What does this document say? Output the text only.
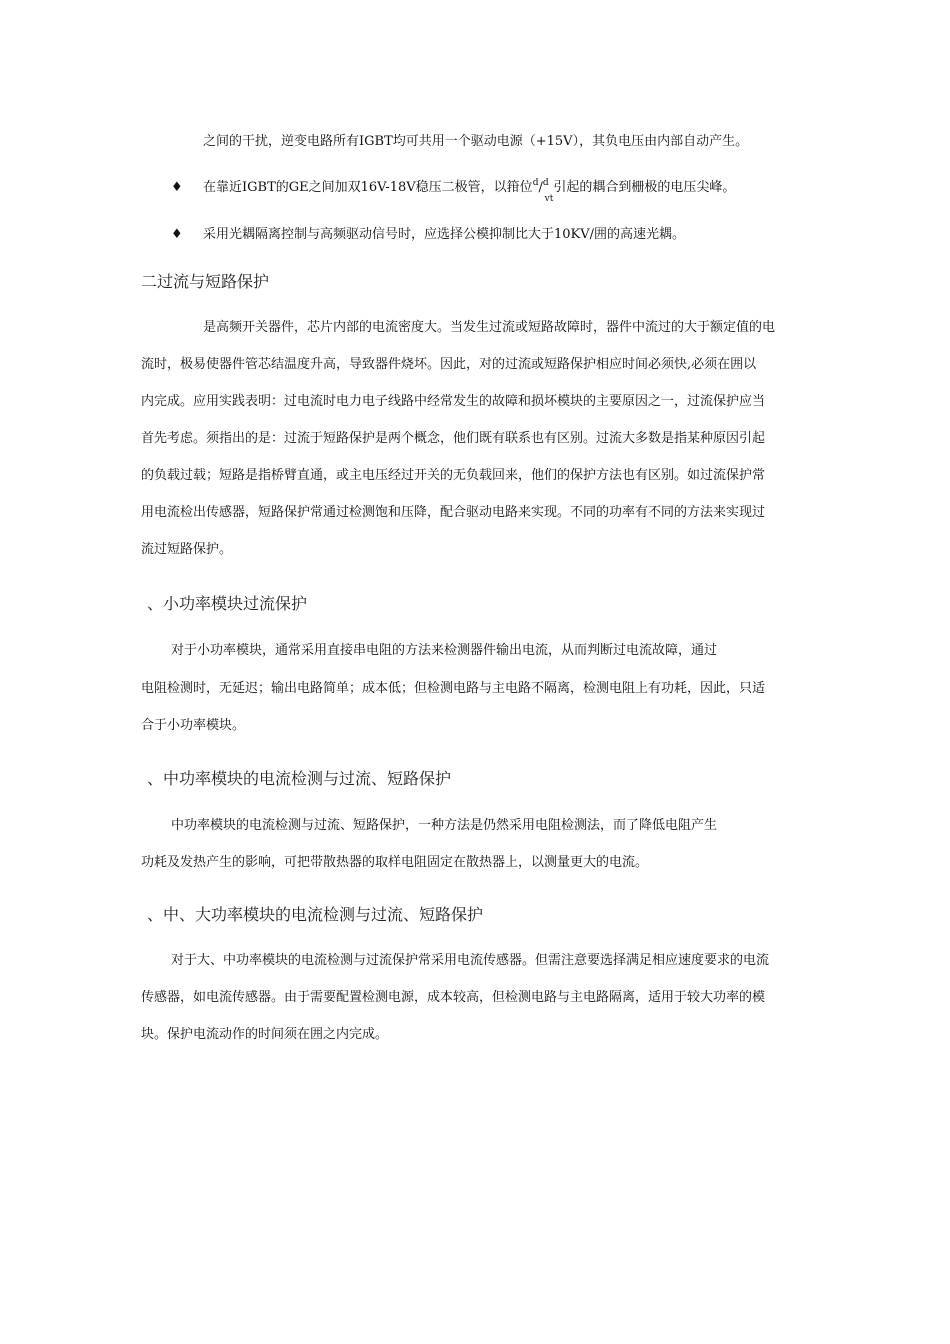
之间的干扰，逆变电路所有IGBT均可共用一个驱动电源（+15V），其负电压由内部自动产生。
♦ 在靠近IGBT的GE之间加双16V-18V稳压二极管，以箝位$^d$/$^d_{vt}$引起的耦合到栅极的电压尖峰。
♦ 采用光耦隔离控制与高频驱动信号时，应选择公模抑制比大于10KV/囲的高速光耦。
二过流与短路保护
是高频开关器件，芯片内部的电流密度大。当发生过流或短路故障时，器件中流过的大于额定值的电
流时，极易使器件管芯结温度升高，导致器件烧坏。因此，对的过流或短路保护相应时间必须快,必须在囲以
内完成。应用实践表明：过电流时电力电子线路中经常发生的故障和损坏模块的主要原因之一，过流保护应当
首先考虑。须指出的是：过流于短路保护是两个概念，他们既有联系也有区别。过流大多数是指某种原因引起
的负载过载；短路是指桥臂直通，或主电压经过开关的无负载回来，他们的保护方法也有区别。如过流保护常
用电流检出传感器，短路保护常通过检测饱和压降，配合驱动电路来实现。不同的功率有不同的方法来实现过
流过短路保护。
、小功率模块过流保护
对于小功率模块，通常采用直接串电阻的方法来检测器件输出电流，从而判断过电流故障，通过
电阻检测时，无延迟；输出电路简单；成本低；但检测电路与主电路不隔离，检测电阻上有功耗，因此，只适
合于小功率模块。
、中功率模块的电流检测与过流、短路保护
中功率模块的电流检测与过流、短路保护，一种方法是仍然采用电阻检测法，而了降低电阻产生
功耗及发热产生的影响，可把带散热器的取样电阻固定在散热器上，以测量更大的电流。
、中、大功率模块的电流检测与过流、短路保护
对于大、中功率模块的电流检测与过流保护常采用电流传感器。但需注意要选择满足相应速度要求的电流
传感器，如电流传感器。由于需要配置检测电源，成本较高，但检测电路与主电路隔离，适用于较大功率的模
块。保护电流动作的时间须在囲之内完成。
